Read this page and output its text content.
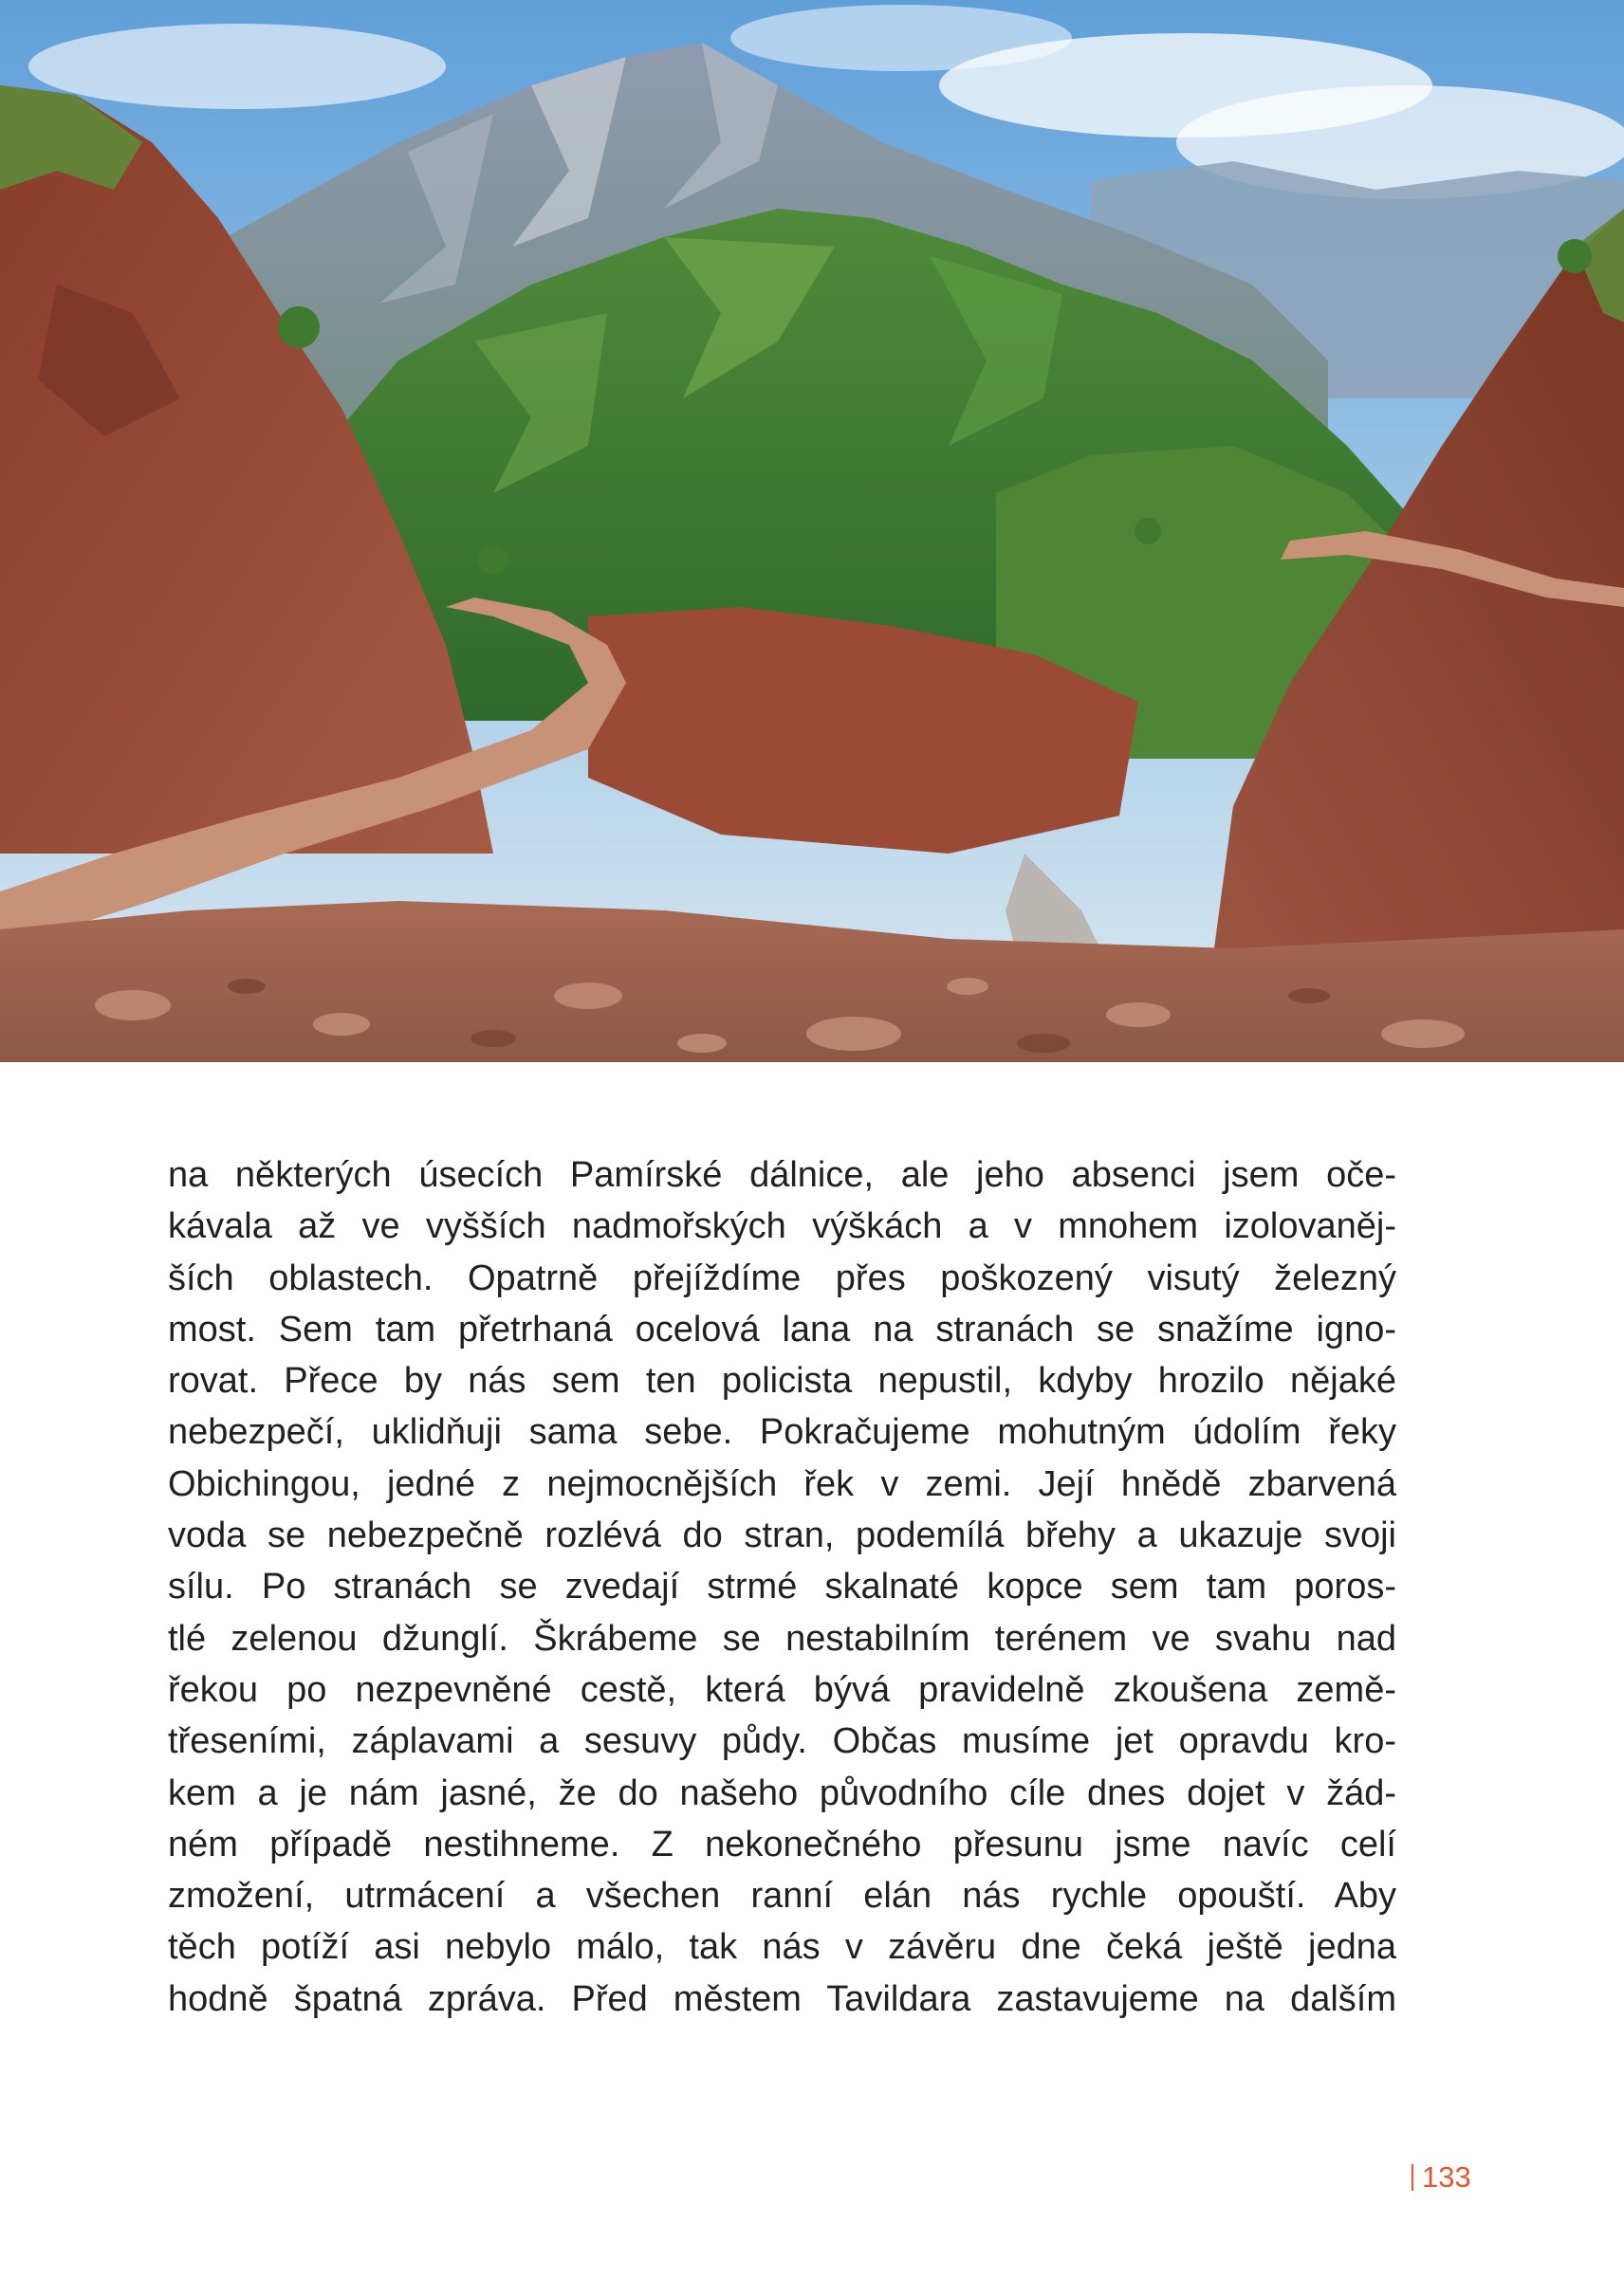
na některých úsecích Pamírské dálnice, ale jeho absenci jsem oče-
kávala až ve vyšších nadmořských výškách a v mnohem izolovaněj-
ších oblastech. Opatrně přejíždíme přes poškozený visutý železný
most. Sem tam přetrhaná ocelová lana na stranách se snažíme igno-
rovat. Přece by nás sem ten policista nepustil, kdyby hrozilo nějaké
nebezpečí, uklidňuji sama sebe. Pokračujeme mohutným údolím řeky
Obichingou, jedné z nejmocnějších řek v zemi. Její hnědě zbarvená
voda se nebezpečně rozlévá do stran, podemílá břehy a ukazuje svoji
sílu. Po stranách se zvedají strmé skalnaté kopce sem tam poros-
tlé zelenou džunglí. Škrábeme se nestabilním terénem ve svahu nad
řekou po nezpevněné cestě, která bývá pravidelně zkoušena země-
třeseními, záplavami a sesuvy půdy. Občas musíme jet opravdu kro-
kem a je nám jasné, že do našeho původního cíle dnes dojet v žád-
ném případě nestihneme. Z nekonečného přesunu jsme navíc celí
zmožení, utrmácení a všechen ranní elán nás rychle opouští. Aby
těch potíží asi nebylo málo, tak nás v závěru dne čeká ještě jedna
hodně špatná zpráva. Před městem Tavildara zastavujeme na dalším
133
